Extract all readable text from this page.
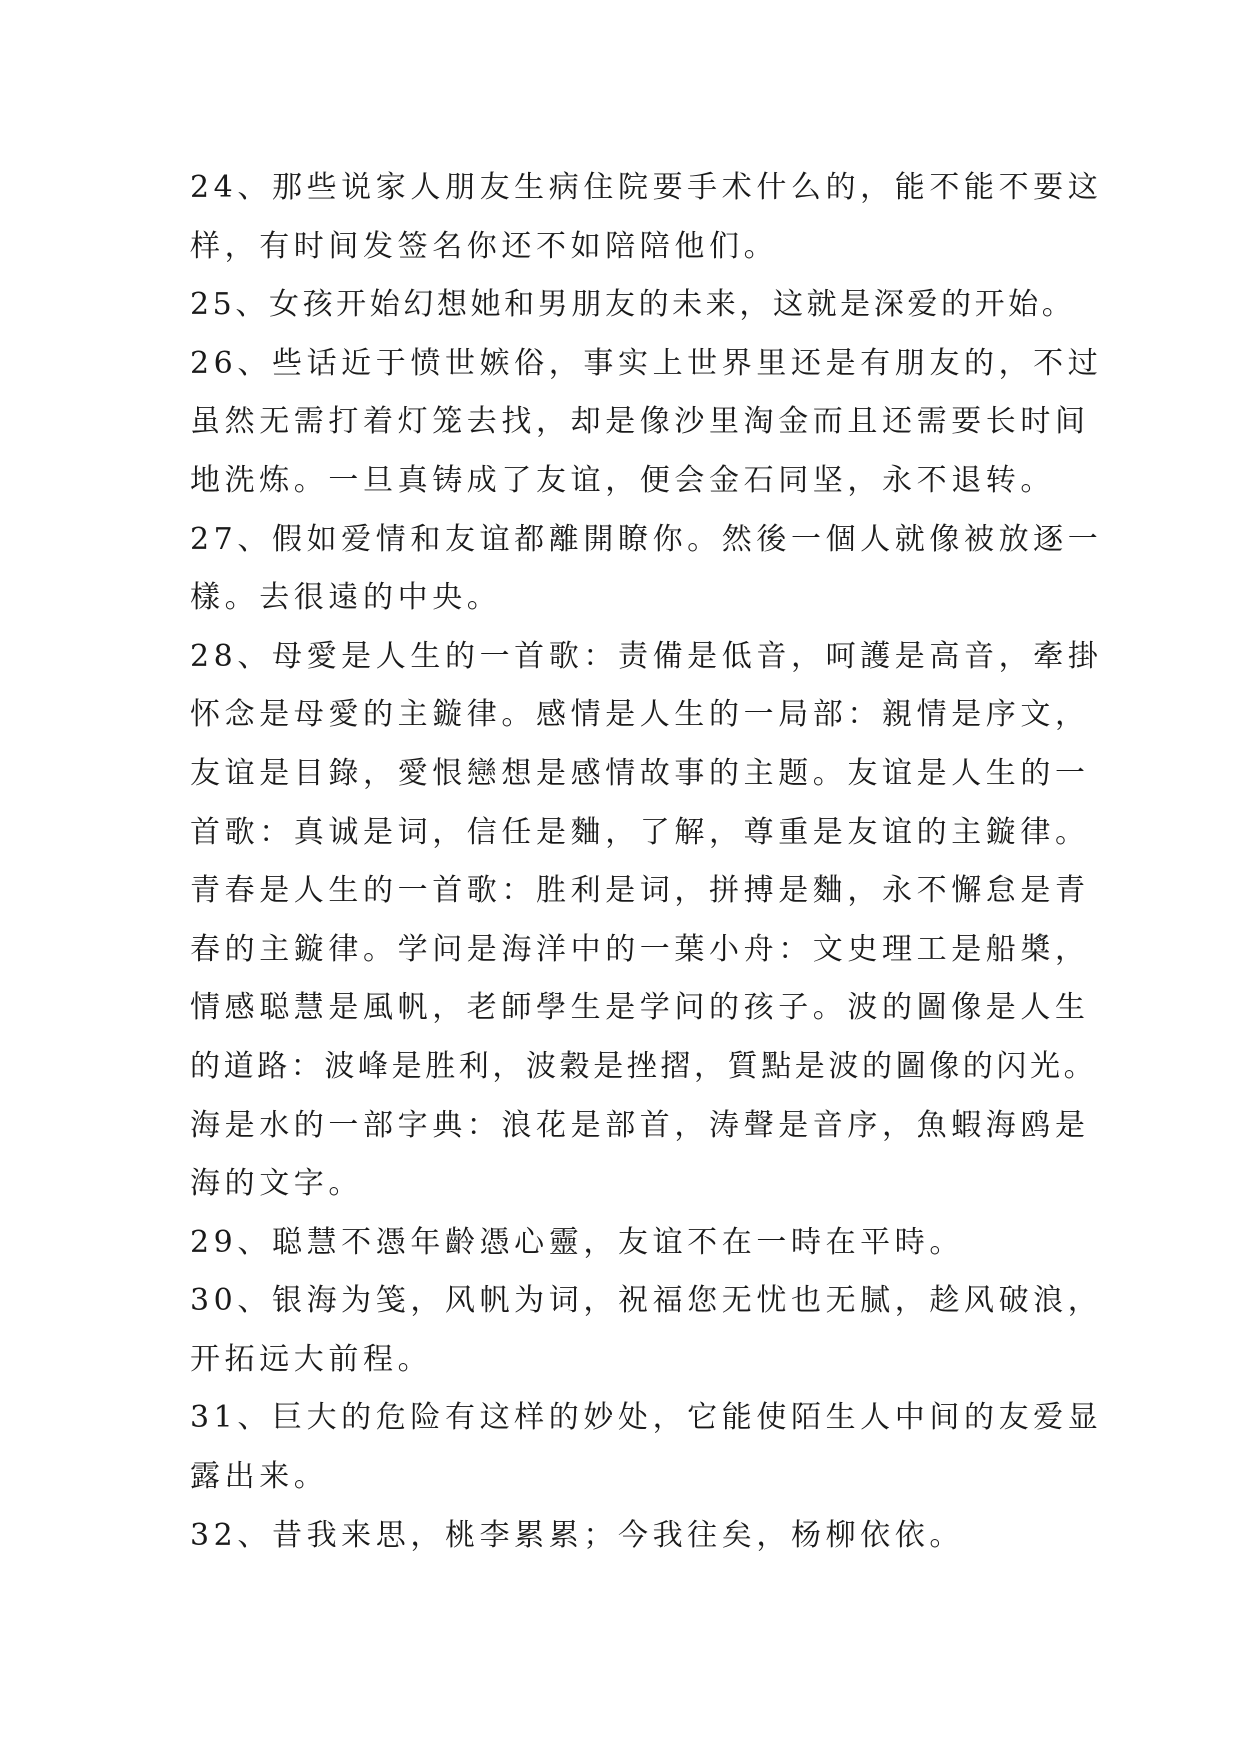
24、那些说家人朋友生病住院要手术什么的，能不能不要这
样，有时间发签名你还不如陪陪他们。
25、女孩开始幻想她和男朋友的未来，这就是深爱的开始。
26、些话近于愤世嫉俗，事实上世界里还是有朋友的，不过
虽然无需打着灯笼去找，却是像沙里淘金而且还需要长时间
地洗炼。一旦真铸成了友谊，便会金石同坚，永不退转。
27、假如爱情和友谊都離開瞭你。然後一個人就像被放逐一
樣。去很遠的中央。
28、母愛是人生的一首歌：责備是低音，呵護是高音，牽掛
怀念是母愛的主鏇律。感情是人生的一局部：親情是序文，
友谊是目錄，愛恨戀想是感情故事的主题。友谊是人生的一
首歌：真诚是词，信任是麯，了解，尊重是友谊的主鏇律。
青春是人生的一首歌：胜利是词，拼搏是麯，永不懈怠是青
春的主鏇律。学问是海洋中的一葉小舟：文史理工是船槳，
情感聪慧是風帆，老師學生是学问的孩子。波的圖像是人生
的道路：波峰是胜利，波穀是挫摺，質點是波的圖像的闪光。
海是水的一部字典：浪花是部首，涛聲是音序，魚蝦海鸥是
海的文字。
29、聪慧不憑年齡憑心靈，友谊不在一時在平時。
30、银海为笺，风帆为词，祝福您无忧也无腻，趁风破浪，
开拓远大前程。
31、巨大的危险有这样的妙处，它能使陌生人中间的友爱显
露出来。
32、昔我来思，桃李累累；今我往矣，杨柳依依。
